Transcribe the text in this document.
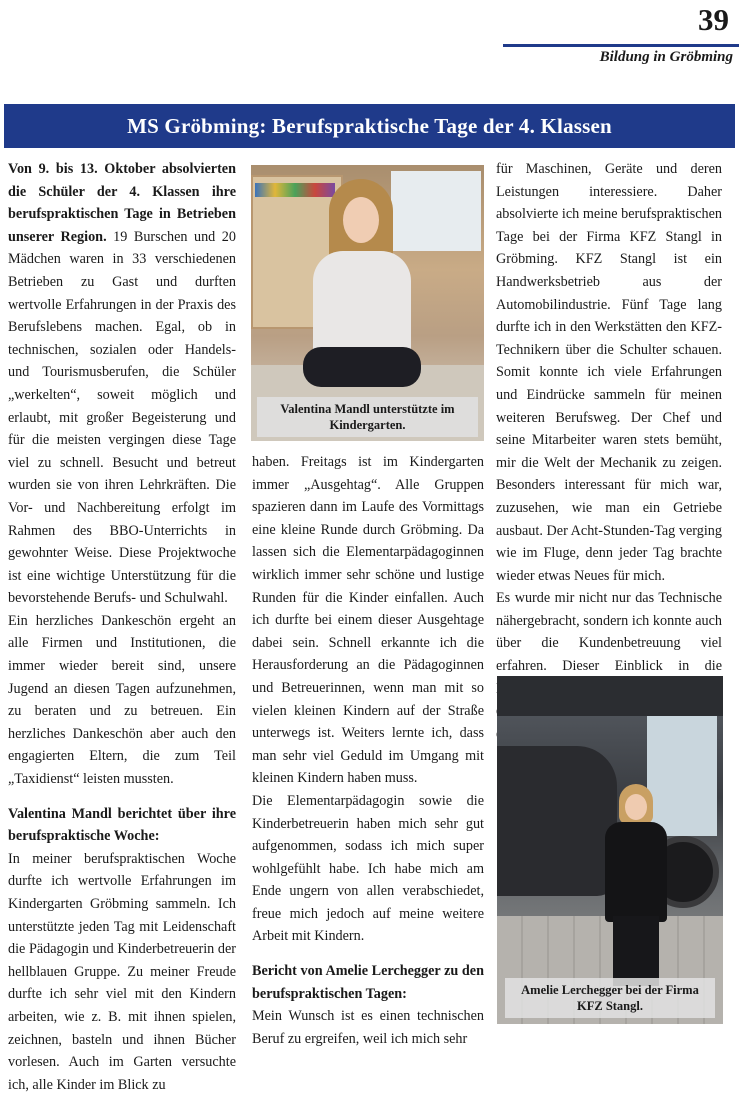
39
Bildung in Gröbming
MS Gröbming: Berufspraktische Tage der 4. Klassen

Von 9. bis 13. Oktober absolvierten die Schüler der 4. Klassen ihre berufspraktischen Tage in Betrieben unserer Region. 19 Burschen und 20 Mädchen waren in 33 verschiedenen Betrieben zu Gast und durften wertvolle Erfahrungen in der Praxis des Berufslebens machen. Egal, ob in technischen, sozialen oder Handels- und Tourismusberufen, die Schüler „werkelten“, soweit möglich und erlaubt, mit großer Begeisterung und für die meisten vergingen diese Tage viel zu schnell. Besucht und betreut wurden sie von ihren Lehrkräften. Die Vor- und Nachbereitung erfolgt im Rahmen des BBO-Unterrichts in gewohnter Weise. Diese Projektwoche ist eine wichtige Unterstützung für die bevorstehende Berufs- und Schulwahl.

Ein herzliches Dankeschön ergeht an alle Firmen und Institutionen, die immer wieder bereit sind, unsere Jugend an diesen Tagen aufzunehmen, zu beraten und zu betreuen. Ein herzliches Dankeschön aber auch den engagierten Eltern, die zum Teil „Taxidienst“ leisten mussten.

Valentina Mandl berichtet über ihre berufspraktische Woche:

In meiner berufspraktischen Woche durfte ich wertvolle Erfahrungen im Kindergarten Gröbming sammeln. Ich unterstützte jeden Tag mit Leidenschaft die Pädagogin und Kinderbetreuerin der hellblauen Gruppe. Zu meiner Freude durfte ich sehr viel mit den Kindern arbeiten, wie z. B. mit ihnen spielen, zeichnen, basteln und ihnen Bücher vorlesen. Auch im Garten versuchte ich, alle Kinder im Blick zu

Valentina Mandl unterstützte im Kindergarten.

haben. Freitags ist im Kindergarten immer „Ausgehtag“. Alle Gruppen spazieren dann im Laufe des Vormittags eine kleine Runde durch Gröbming. Da lassen sich die Elementarpädagoginnen wirklich immer sehr schöne und lustige Runden für die Kinder einfallen. Auch ich durfte bei einem dieser Ausgehtage dabei sein. Schnell erkannte ich die Herausforderung an die Pädagoginnen und Betreuerinnen, wenn man mit so vielen kleinen Kindern auf der Straße unterwegs ist. Weiters lernte ich, dass man sehr viel Geduld im Umgang mit kleinen Kindern haben muss.

Die Elementarpädagogin sowie die Kinderbetreuerin haben mich sehr gut aufgenommen, sodass ich mich super wohlgefühlt habe. Ich habe mich am Ende ungern von allen verabschiedet, freue mich jedoch auf meine weitere Arbeit mit Kindern.

Bericht von Amelie Lerchegger zu den berufspraktischen Tagen:

Mein Wunsch ist es einen technischen Beruf zu ergreifen, weil ich mich sehr

für Maschinen, Geräte und deren Leistungen interessiere. Daher absolvierte ich meine berufspraktischen Tage bei der Firma KFZ Stangl in Gröbming. KFZ Stangl ist ein Handwerksbetrieb aus der Automobilindustrie. Fünf Tage lang durfte ich in den Werkstätten den KFZ-Technikern über die Schulter schauen. Somit konnte ich viele Erfahrungen und Eindrücke sammeln für meinen weiteren Berufsweg. Der Chef und seine Mitarbeiter waren stets bemüht, mir die Welt der Mechanik zu zeigen. Besonders interessant für mich war, zuzusehen, wie man ein Getriebe ausbaut. Der Acht-Stunden-Tag verging wie im Fluge, denn jeder Tag brachte wieder etwas Neues für mich.

Es wurde mir nicht nur das Technische nähergebracht, sondern ich konnte auch über die Kundenbetreuung viel erfahren. Dieser Einblick in die

Amelie Lerchegger bei der Firma KFZ Stangl.
